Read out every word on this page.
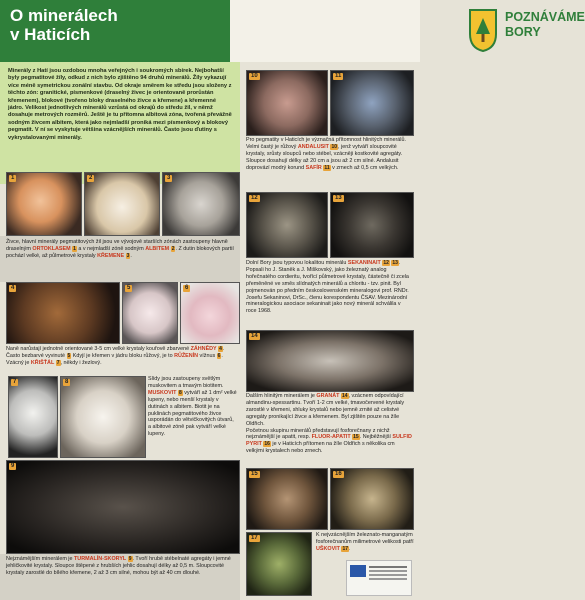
O minerálech
v Haticích
POZNÁVÁME
BORY

Minerály z Hatí jsou ozdobou mnoha veřejných i soukromých sbírek. Nejbohatší byly pegmatitové žíly, odkud z nich bylo zjištěno 94 druhů minerálů. Žíly vykazují více méně symetrickou zonální stavbu. Od okraje směrem ke středu jsou složeny z těchto zón: granitické, písmenkové (draselný živec je orientovaně prorůstán křemenem), blokové (tvořeno bloky draselného živce a křemene) a křemenné jádro. Velikost jednotlivých minerálů vzrůstá od okrajů do středu žil, v němž dosahuje metrových rozměrů. Ještě je tu přítomna albitová zóna, tvořená převážně sodným živcem albitem, která jako nejmladší proniká mezi písmenkový a blokový pegmatit. V ní se vyskytuje většina vzácnějších minerálů. Často jsou ďutiny s vykrystalovanými minerály.

1	2	3
Živce, hlavní minerály pegmatitových žil jsou ve vývojově starších zónách zastoupeny hlavně draselným ORTOKLASEM 1 a v nejmladší zóně sodným ALBITEM 2. Z dutin blokových partií pochází velké, až půlmetrové krystaly KŘEMENE 3.
4	5	6
Naně narůstají jednotně orientované 3-5 cm velké krystaly kouřově zbarvené ZÁHNĚDY 4. Často bezbarvé vyvinuté 5 Kdyjí je křemen v jádru bloku růžový, je to RŮŽENÍN vížnus 6. Vzácný je KŘIŠŤÁL 7, někdy i žezlový.
7	8	Slídy jsou zastoupeny světlým muskovitem a tmavým biotitem. MUSKOVIT 8 vytváří až 1 dm² velké lupeny, nebo menší krystaly v dutinách s albitem. Biotit je na puklinách pegmatitového živce usporádán do větvičkovitých útvarů, a albitové zóně pak vytváří velké lupeny.
9
Nejznámějším minerálem je TURMALÍN-SKORYL 9. Tvoří hrubě stébelnaté agregáty i jemné jehličkovité krystaly. Sloupce štěpené z hrubších jehlic dosahují délky až 0,5 m. Sloupcovité krystaly zarostlé do bílého křemene, 2 až 3 cm silné, mohou být až 40 cm dlouhé.
10	11
Pro pegmatity v Haticích je význačná přítomnost hlinitých minerálů. Velmi častý je růžový ANDALUSIT 10, jenž vytváří sloupcovité krystaly, srůsty sloupců nebo stébel, vzácněji kostkovité agregáty. Sloupce dosahují délky až 20 cm a jsou až 2 cm silné. Andalusit doprovází modrý korund SAFÍR 11 v zrnech až 0,5 cm velkých.
12	13
Dolní Bory jsou typovou lokalitou minerálu SEKANINAIT 12 13. Popsali ho J. Staněk a J. Miškovský, jako železnatý analog hořečnatého cordieritu, tvořící půlmetrové krystaly, částečně či zcela přeměněné ve směs slídnatých minerálů a chloritu - tzv. pinit. Byl pojmenován po předním československém mineralogovi prof. RNDr. Josefu Sekaninovi, DrSc., členu korespondentu ČSAV. Mezinárodní mineralogickou asociace sekaninait jako nový minerál schválila v roce 1968.
14
Dalším hlinitým minerálem je GRANÁT 14, vzácnem odpovídající almandinu-spessartinu. Tvoří 1-2 cm velké, tmavočervené krystaly zarostlé v křemeni, shluky krystalů nebo jemně zrnité až celistvé agregáty pronikající živce a křemenem. Byl zjištěn pouze na žíle Oldřich.
Početnou skupinu minerálů představují fosforečnany z nichž nejznámější je apatit, resp. FLUOR-APATIT 15. Nejběžnější SULFID PYRIT 16 je v Haticích přítomen na žíle Oldřich s několika cm velkými krystalech nebo zrnech.
15	16
17	K nejvzácnějším železnato-manganatým fosforečnanům milimetrové velikosti patří UŠKOVIT 17.
